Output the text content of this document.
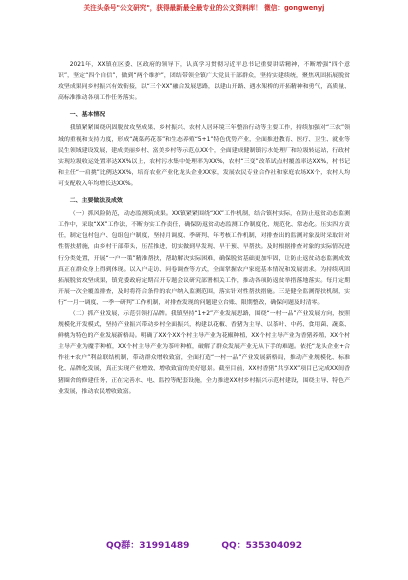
关注头条号"公文研究"，获得最新最全最专业的公文资料库！ 微信：gongwenyj

2021年，XX镇在区委、区政府的领导下，认真学习贯彻习近平总书记重要讲话精神，不断增强“四个意识”，坚定“四个自信”，做到“两个维护”，团结带领全镇广大党员干部群众，坚持实建续统，聚焦巩固拓展脱贫攻坚成果同乡村振兴有效衔接，以“三个XX”融合发展思路，以建山开路、遇水架桥的开拓精神和勇气，高质量、高标准推动各项工作任务落实。

一、基本情况

我镇紧紧围绕巩固脱贫攻坚成果、乡村振兴、农村人居环境三年整治行动等主要工作，持续加强对“三农”领域的重视和支持力度，形成“蔬菜药花茶”和生态养殖“5+1”特色优势产业，全面推进教育、医疗、卫生、就业等民生领域建设发展，建成美丽乡村、富美乡村等示范点XX个，全面建成健制镇污水处理厂和垃圾转运站，行政村实现垃圾收运处置率达XX%以上，农村污水集中处理率为XX%，农村“三变”改革试点村覆盖率达XX%，村书记和主任“一肩挑”比例达XX%，培育农业产业化龙头企业XX家，发展农民专业合作社和家庭农场XX个，农村人均可支配收入年均增长达XX%。

二、主要做法及成效

（一）抓风险防范，动态监测筑成果。XX镇紧紧围绕“XX”工作机制，结合镇村实际，在防止返贫动态监测工作中，采取“XX”工作法，不断夯实工作责任，确保防返贫动态监测工作制度化、规范化、常态化。压实四方责任，制定包村包户、包组包户制度，坚持月调度、季研判、年考核工作机制，对排查出的监测对象及时采取针对性帮扶措施，由乡村干部带头，压茬推进，切实做到早发现、早干预、早帮扶。及时根据排查对象的实际情况进行分类处置，开展“一户一策”精准帮扶，帮助解决实际困难，确保脱贫基础更加牢固，让防止返贫动态监测成效真正在群众身上得到体现。以入户走访、问卷调查等方式，全面掌握农户家庭基本情况和发展需求。为持续巩固拓展脱贫攻坚成果，镇党委政府定期召开专题会议研究部署相关工作，推动各项防返贫举措落地落实。每月定期开展一次全覆盖排查，及时将符合条件的农户纳入监测范围，落实针对性帮扶措施。三是健全监测帮扶机制，实行“一月一调度、一季一研判”工作机制，对排查发现的问题建立台账、限期整改，确保问题及时清零。

（二）抓产业发展，示范引领打品牌。我镇坚持“1+2”产业发展思路，围绕“一村一品”产业发展方向，按照规模化开发模式，坚持产业振兴带动乡村全面振兴，构建以花椒、香猪为主导、以茶叶、中药、食用菌、蔬菜、鲜桃为特色的产业发展新格局。明确了XX个XX个村主导产业为花椒种植，XX个村主导产业为香猪养殖，XX个村主导产业为魔芋种植，XX个村主导产业为茶叶种植，破解了群众发展产业无从下手的难题。依托“龙头企业+合作社+农户”利益联结机制，带动群众增收致富，全面打造“一村一品”产业发展新格局，推动产业规模化、标准化、品牌化发展，真正实现产业增效、增收致富的美好愿景。截至目前，XX村香猪“共享XX”项目已完成XX间香猪圈舍的修建任务，正在完善水、电、监控等配套设施，全力推进XX村乡村振兴示范村建设，围绕主导、特色产业发展，推动农民增收致富。

QQ群：31991489	QQ：535304092
